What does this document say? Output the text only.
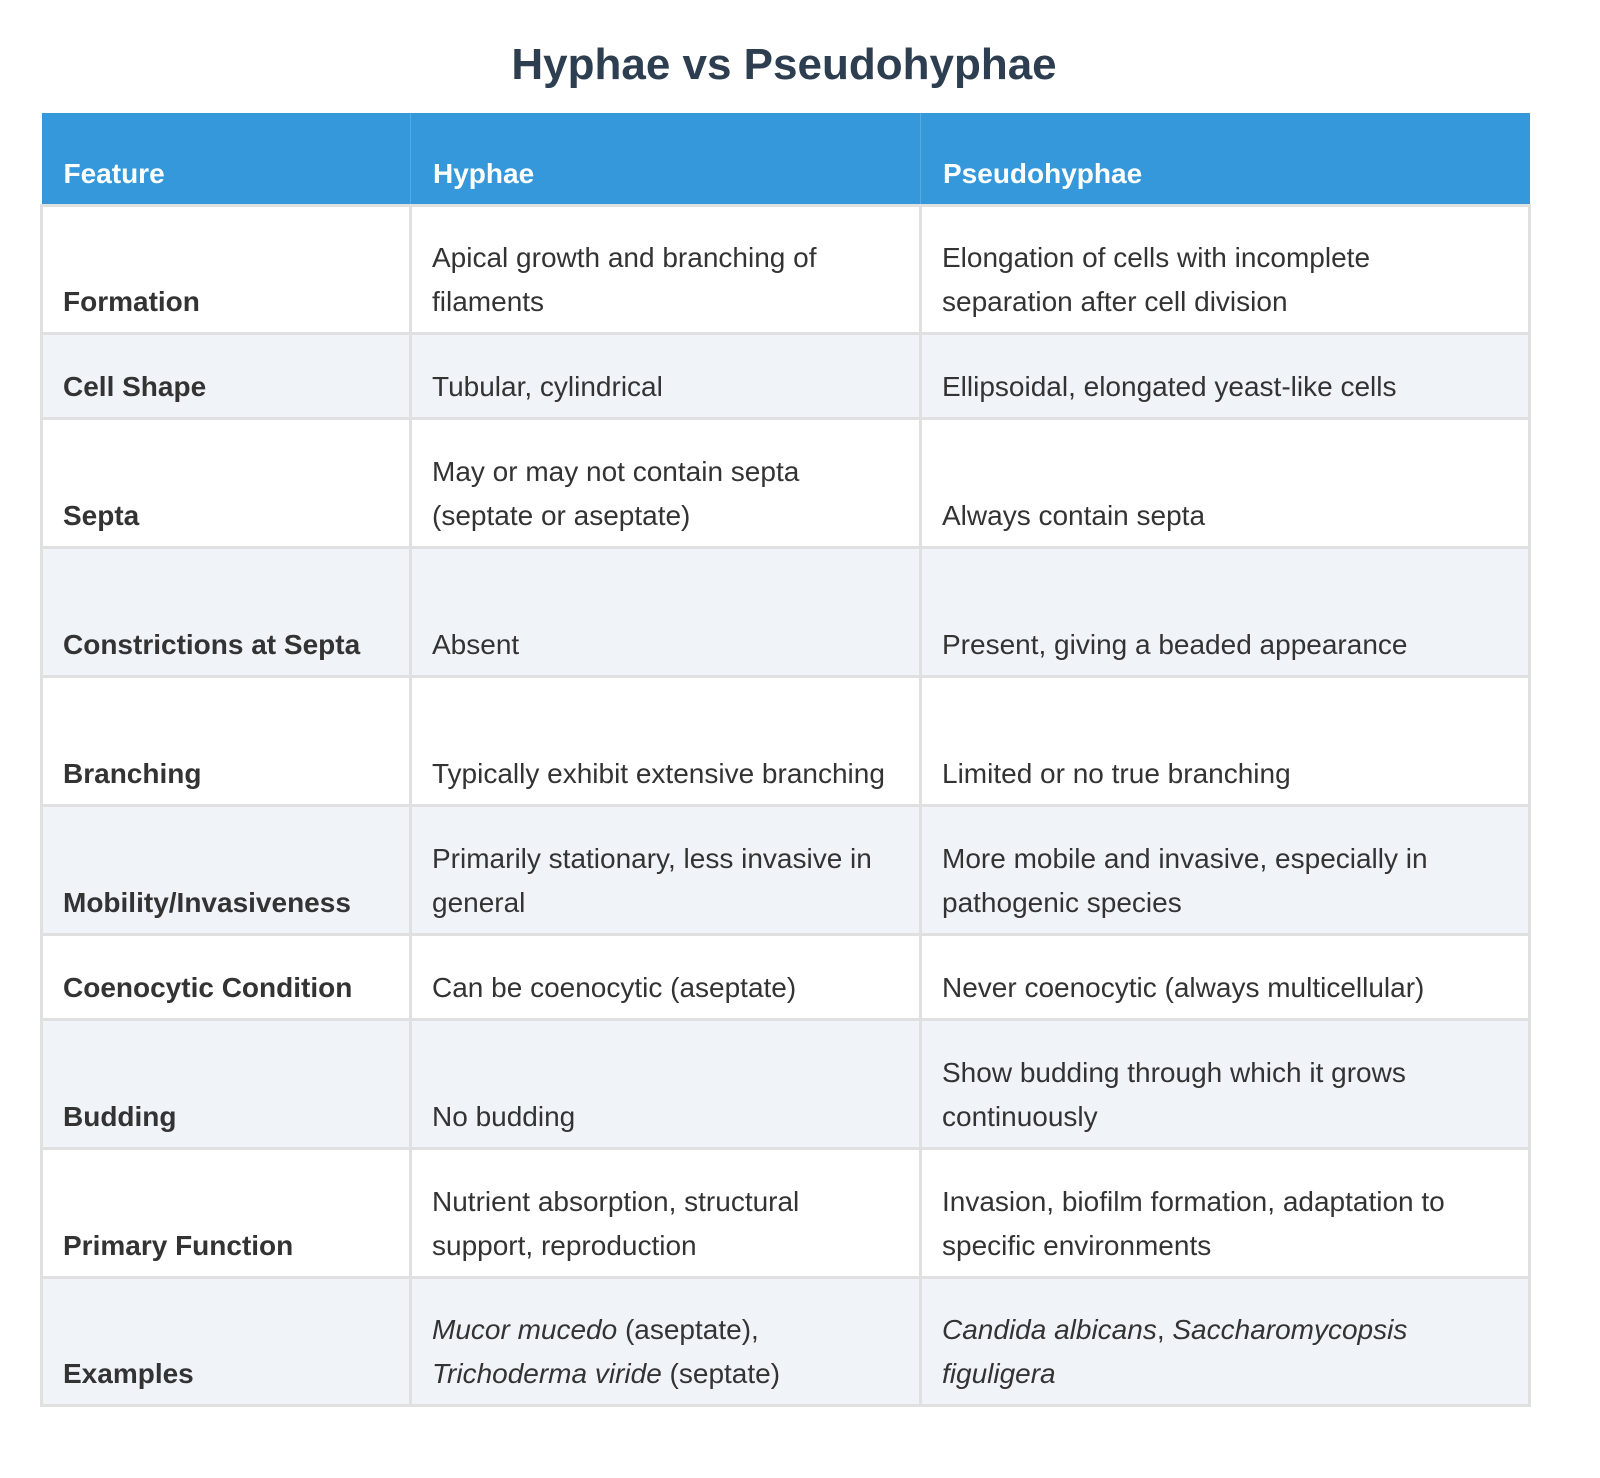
Hyphae vs Pseudohyphae
Feature	Hyphae	Pseudohyphae
Formation	Apical growth and branching of filaments	Elongation of cells with incomplete separation after cell division
Cell Shape	Tubular, cylindrical	Ellipsoidal, elongated yeast-like cells
Septa	May or may not contain septa (septate or aseptate)	Always contain septa
Constrictions at Septa	Absent	Present, giving a beaded appearance
Branching	Typically exhibit extensive branching	Limited or no true branching
Mobility/Invasiveness	Primarily stationary, less invasive in general	More mobile and invasive, especially in pathogenic species
Coenocytic Condition	Can be coenocytic (aseptate)	Never coenocytic (always multicellular)
Budding	No budding	Show budding through which it grows continuously
Primary Function	Nutrient absorption, structural support, reproduction	Invasion, biofilm formation, adaptation to specific environments
Examples	Mucor mucedo (aseptate), Trichoderma viride (septate)	Candida albicans, Saccharomycopsis figuligera
